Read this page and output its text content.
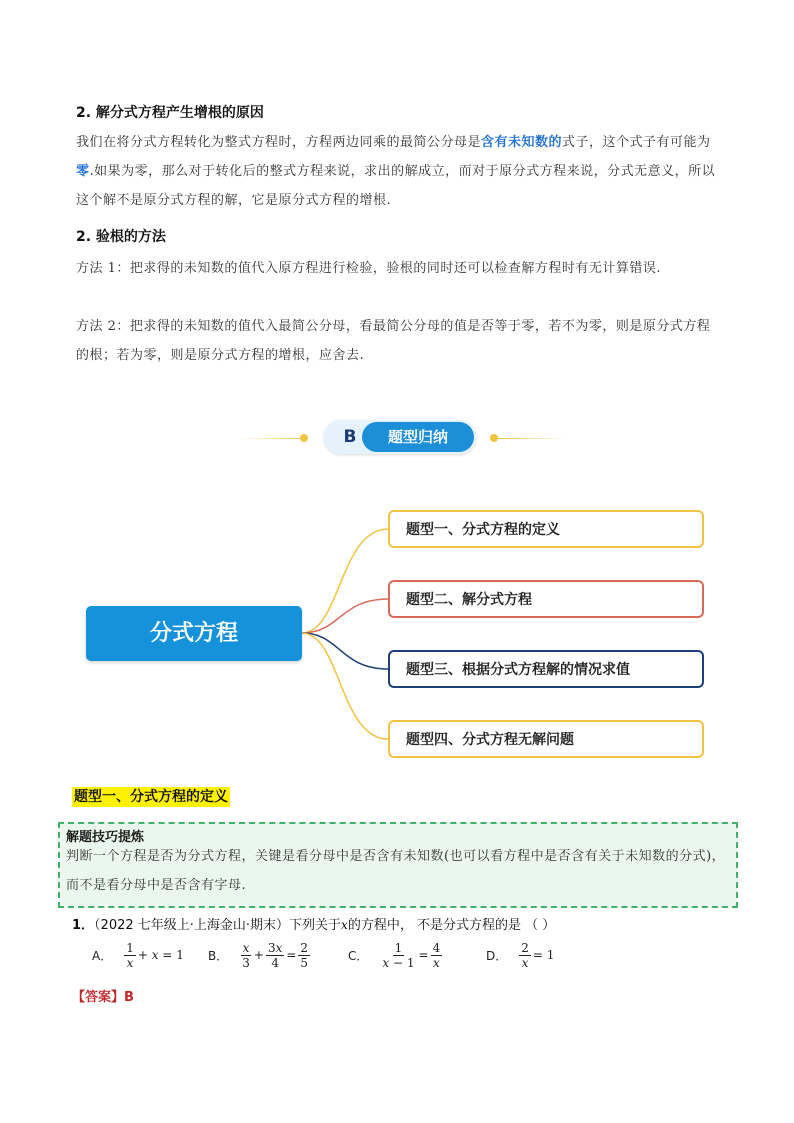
2. 解分式方程产生增根的原因
我们在将分式方程转化为整式方程时，方程两边同乘的最简公分母是含有未知数的式子，这个式子有可能为零.如果为零，那么对于转化后的整式方程来说，求出的解成立，而对于原分式方程来说，分式无意义，所以这个解不是原分式方程的解，它是原分式方程的增根.
2. 验根的方法
方法 1：把求得的未知数的值代入原方程进行检验，验根的同时还可以检查解方程时有无计算错误.
方法 2：把求得的未知数的值代入最简公分母，看最简公分母的值是否等于零，若不为零，则是原分式方程的根；若为零，则是原分式方程的增根，应舍去.
B	题型归纳
分式方程
题型一、分式方程的定义
题型二、解分式方程
题型三、根据分式方程解的情况求值
题型四、分式方程无解问题
题型一、分式方程的定义
解题技巧提炼
判断一个方程是否为分式方程，关键是看分母中是否含有未知数(也可以看方程中是否含有关于未知数的分式)，而不是看分母中是否含有字母.
1．（2022 七年级上·上海金山·期末）下列关于x的方程中， 不是分式方程的是 （ ）
A． $\frac{1}{x} + x = 1$ B． $\frac{x}{3} + \frac{3x}{4} = \frac{2}{5}$	C． $\frac{1}{x - 1} = \frac{4}{x}$	D． $\frac{2}{x} = 1$
【答案】B
